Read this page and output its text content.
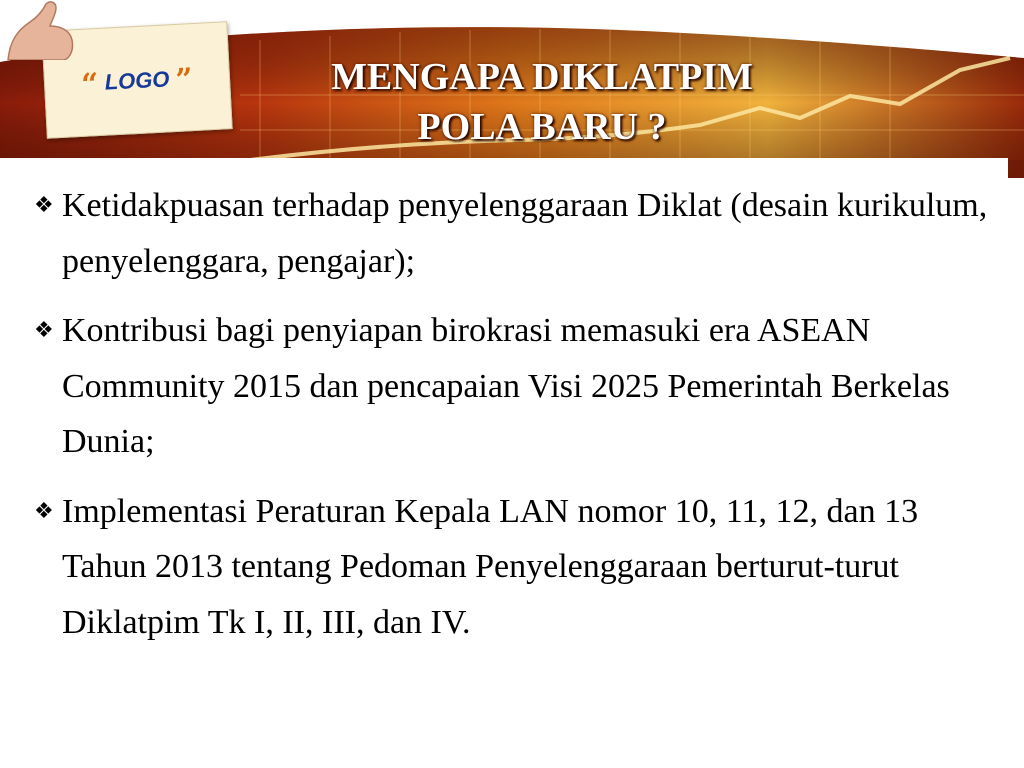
MENGAPA DIKLATPIM
POLA BARU ?
“ LOGO ”
❖ Ketidakpuasan terhadap penyelenggaraan Diklat (desain kurikulum, penyelenggara, pengajar);
❖ Kontribusi bagi penyiapan birokrasi memasuki era ASEAN Community 2015 dan pencapaian Visi 2025 Pemerintah Berkelas Dunia;
❖ Implementasi Peraturan Kepala LAN nomor 10, 11, 12, dan 13 Tahun 2013 tentang Pedoman Penyelenggaraan berturut-turut Diklatpim Tk I, II, III, dan IV.
